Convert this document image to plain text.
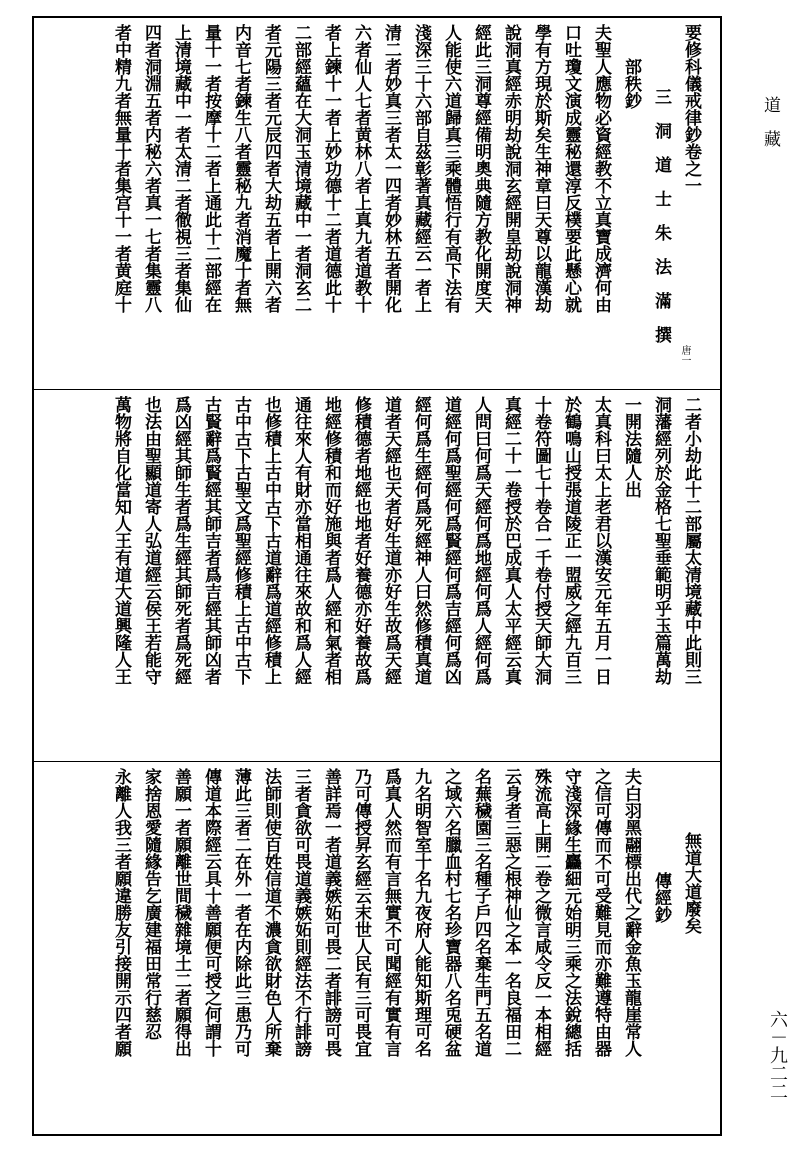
要修科儀戒律鈔卷之一
三　洞　道　士　朱　法　滿　撰
部秩鈔
夫聖人應物必資經教不立真寶成濟何由
口吐瓊文演成靈秘還淳反樸要此懸心就
學有方現於斯矣生神章曰天尊以龍漢劫
說洞真經赤明劫說洞玄經開皇劫說洞神
經此三洞尊經備明奧典隨方教化開度天
人能使六道歸真三乘體悟行有高下法有
淺深三十六部自茲彰著真藏經云一者上
清二者妙真三者太一四者妙林五者開化
六者仙人七者黄林八者上真九者道教十
者上鍊十一者上妙功德十二者道德此十
二部經蘊在大洞玉清境藏中一者洞玄二
者元陽三者元辰四者大劫五者上開六者
内音七者鍊生八者靈秘九者消魔十者無
量十一者按摩十二者上通此十二部經在
上清境藏中一者太清二者徹視三者集仙
四者洞淵五者内秘六者真一七者集靈八
者中精九者無量十者集宫十一者黄庭十
二者小劫此十二部屬太清境藏中此則三
洞藩經列於金格七聖垂範明乎玉篇萬劫
一開法隨人出
太真科曰太上老君以漢安元年五月一日
於鶴鳴山授張道陵正一盟威之經九百三
十卷符圖七十卷合一千卷付授天師大洞
真經二十一卷授於巴成真人太平經云真
人問曰何爲天經何爲地經何爲人經何爲
道經何爲聖經何爲賢經何爲吉經何爲凶
經何爲生經何爲死經神人曰然修積真道
道者天經也天者好生道亦好生故爲天經
修積德者地經也地者好養德亦好養故爲
地經修積和而好施與者爲人經和氣者相
通往來人有財亦當相通往來故和爲人經
也修積上古中古下古道辭爲道經修積上
古中古下古聖文爲聖經修積上古中古下
古賢辭爲賢經其師吉者爲吉經其師凶者
爲凶經其師生者爲生經其師死者爲死經
也法由聖顯道寄人弘道經云侯王若能守
萬物將自化當知人王有道大道興隆人王
無道大道廢矣
傳經鈔
夫白羽黑翮標出代之辭金魚玉龍崖常人
之信可傳而不可受難見而亦難遵特由器
守淺深緣生麤細元始明三乘之法銳總括
殊流高上開二卷之微言咸令反一本相經
云身者三惡之根神仙之本一名良福田二
名蕪穢園三名種子戶四名棄生門五名道
之域六名臘血村七名珍寶器八名兎硬盆
九名明智室十名九夜府人能知斯理可名
爲真人然而有言無實不可聞經有實有言
乃可傳授昇玄經云末世人民有三可畏宜
善詳焉一者道義嫉妬可畏二者誹謗可畏
三者貪欲可畏道義嫉妬則經法不行誹謗
法師則使百姓信道不濃貪欲財色人所棄
薄此三者二在外一者在内除此三患乃可
傳道本際經云具十善願便可授之何謂十
善願一者願離世間穢雜境土二者願得出
家捨恩愛隨緣告乞廣建福田常行慈忍
永離人我三者願違勝友引接開示四者願
道　藏
六－九二二
唐一
